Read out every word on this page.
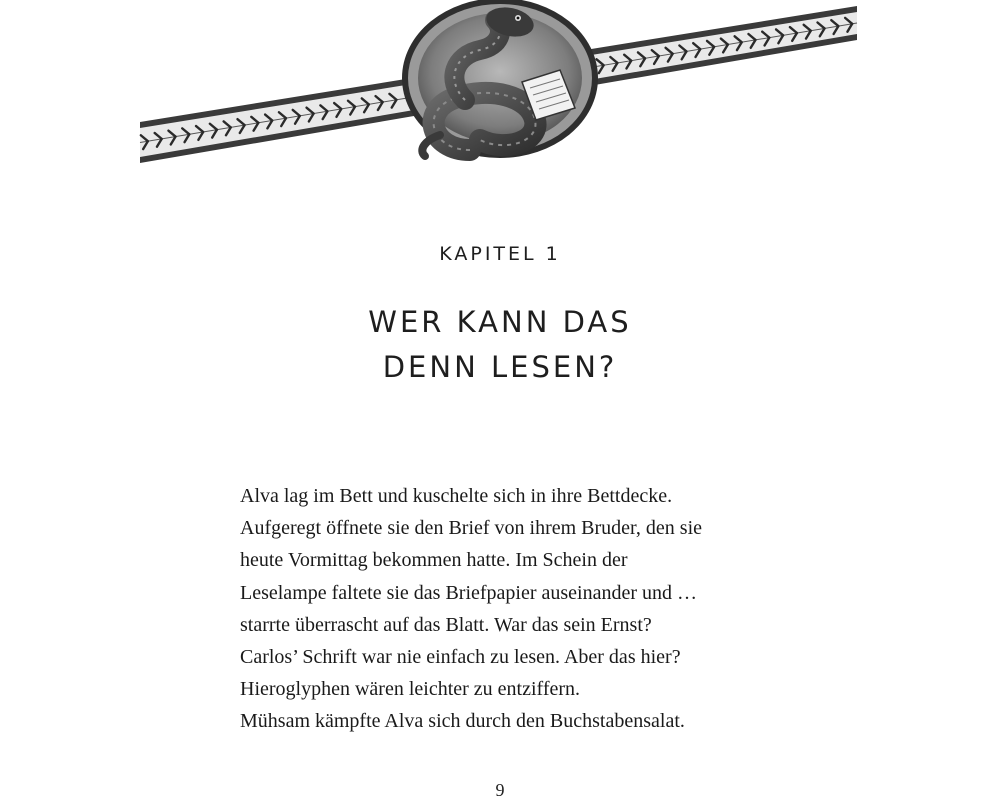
KAPITEL 1
WER KANN DAS
DENN LESEN?
Alva lag im Bett und kuschelte sich in ihre Bettdecke.
Aufgeregt öffnete sie den Brief von ihrem Bruder, den sie
heute Vormittag bekommen hatte. Im Schein der
Leselampe faltete sie das Briefpapier auseinander und …
starrte überrascht auf das Blatt. War das sein Ernst?
Carlos’ Schrift war nie einfach zu lesen. Aber das hier?
Hieroglyphen wären leichter zu entziffern.
Mühsam kämpfte Alva sich durch den Buchstabensalat.
9
